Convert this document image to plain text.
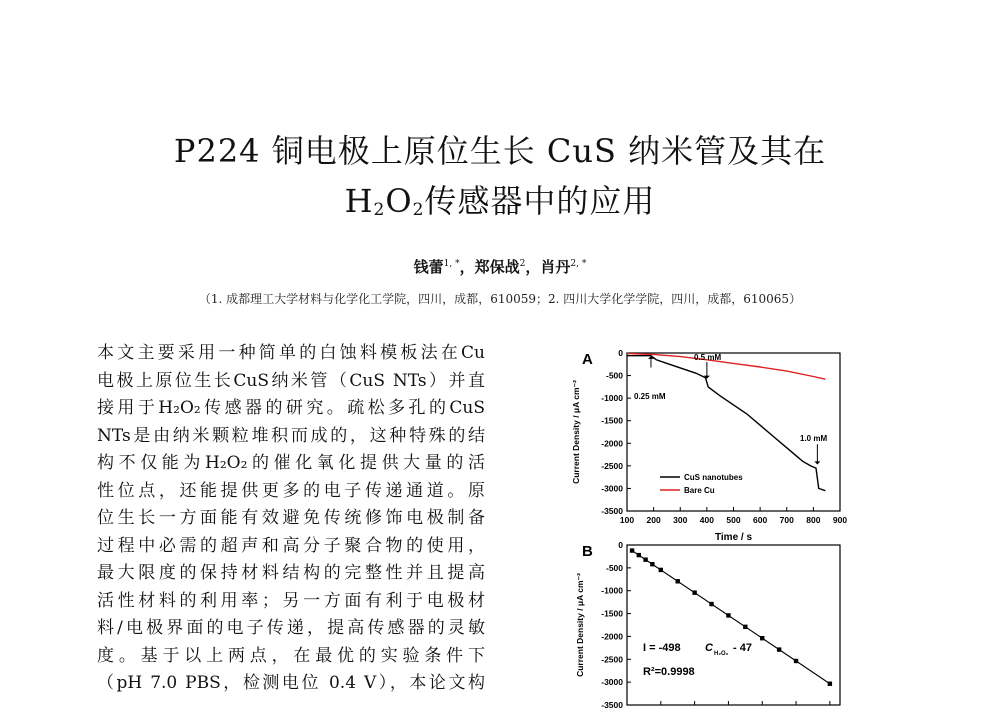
P224 铜电极上原位生长 CuS 纳米管及其在
$H_2O_2$传感器中的应用
钱蕾$^{1, *}$，郑保战$^2$，肖丹$^{2, *}$
（1. 成都理工大学材料与化学化工学院，四川，成都，610059；2. 四川大学化学学院，四川，成都，610065）
本文主要采用一种简单的白蚀料模板法在Cu
电极上原位生长CuS纳米管（CuS NTs）并直
接用于H₂O₂传感器的研究。疏松多孔的CuS
NTs是由纳米颗粒堆积而成的，这种特殊的结
构不仅能为H₂O₂的催化氧化提供大量的活
性位点，还能提供更多的电子传递通道。原
位生长一方面能有效避免传统修饰电极制备
过程中必需的超声和高分子聚合物的使用，
最大限度的保持材料结构的完整性并且提高
活性材料的利用率；另一方面有利于电极材
料/电极界面的电子传递，提高传感器的灵敏
度。基于以上两点，在最优的实验条件下
（pH 7.0 PBS，检测电位 0.4 V），本论文构
A
100 200 300 400 500 600 700 800 900
0
-500
-1000
-1500
-2000
-2500
-3000
-3500
Time / s
Current Density / μA cm⁻²	0.25 mM
0.5 mM
1.0 mM
CuS nanotubes
Bare Cu
B	0
-500
-1000
-1500
-2000
-2500
-3000
-3500
Current Density / μA cm⁻²	I = -498 C H₂O₂ - 47
R²=0.9998
